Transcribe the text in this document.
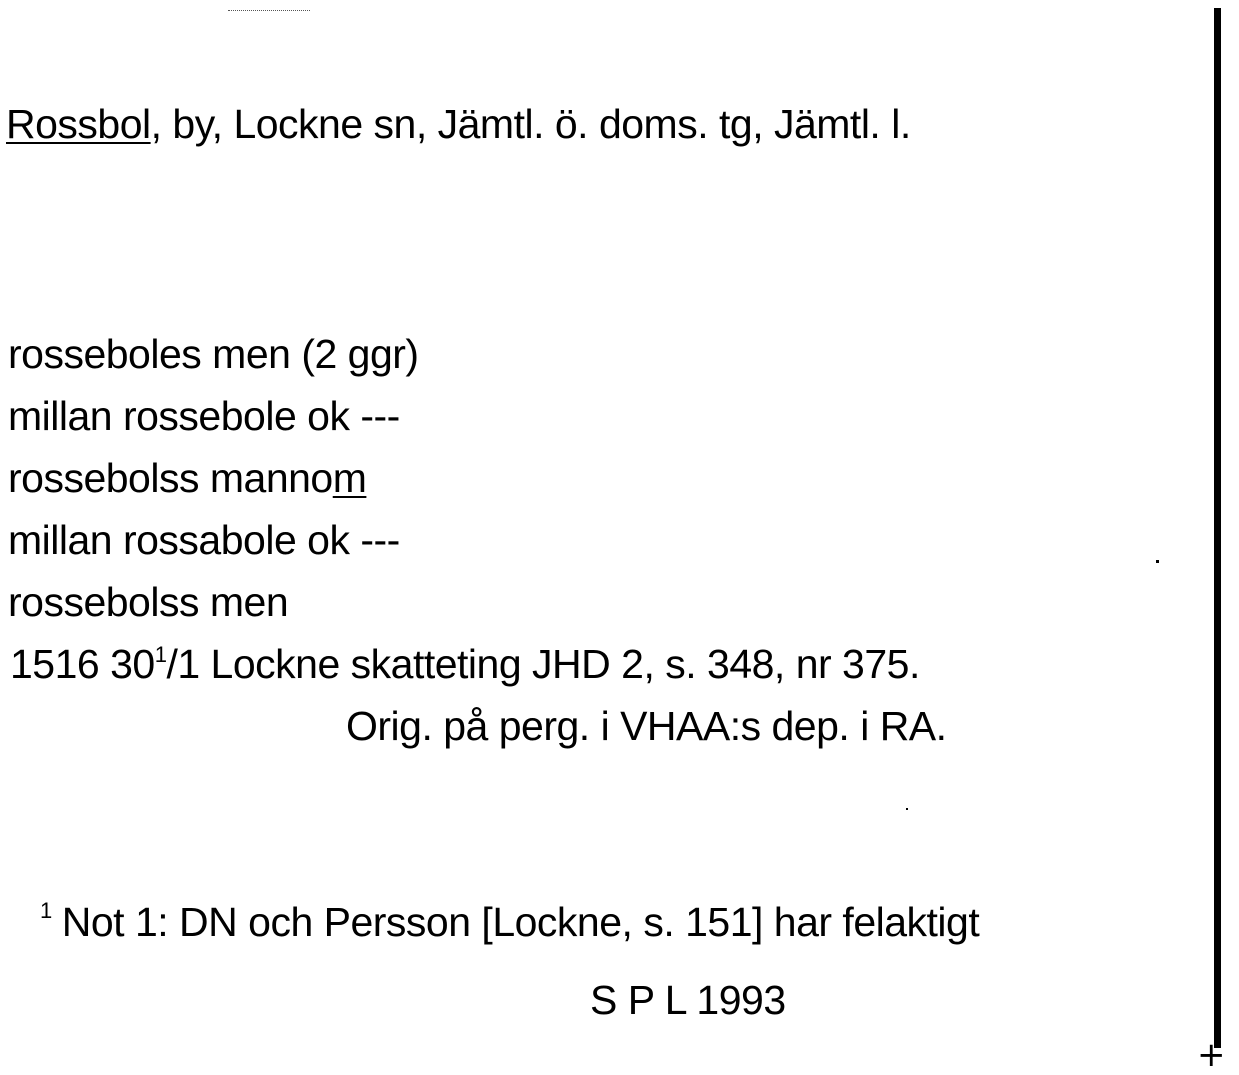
Rossbol, by, Lockne sn, Jämtl. ö. doms. tg, Jämtl. l.
rosseboles men (2 ggr)
millan rossebole ok ---
rossebolss mannom
millan rossabole ok ---
rossebolss men
1516 $30^1/1$ Lockne skatteting JHD 2, s. 348, nr 375.
Orig. på perg. i VHAA:s dep. i RA.
$^1$ Not 1: DN och Persson [Lockne, s. 151] har felaktigt
S P L 1993
+
